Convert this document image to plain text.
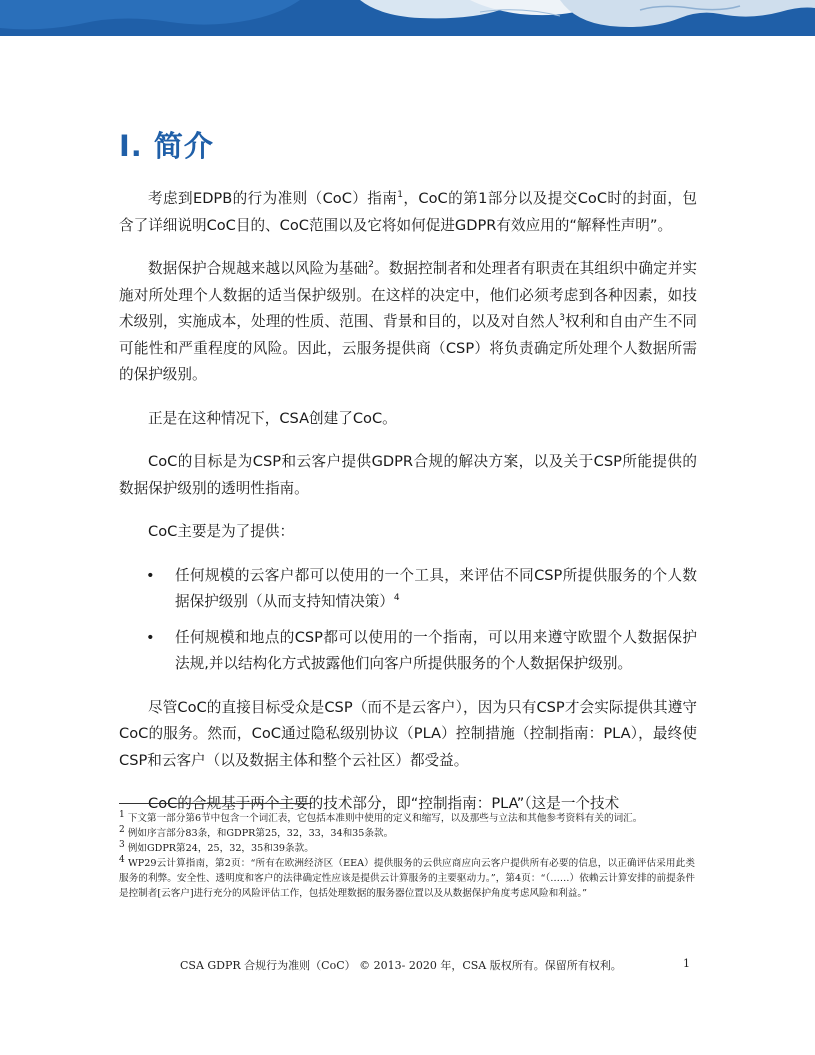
I. 简介

考虑到EDPB的行为准则（CoC）指南$^1$，CoC的第1部分以及提交CoC时的封面，包含了详细说明CoC目的、CoC范围以及它将如何促进GDPR有效应用的“解释性声明”。

数据保护合规越来越以风险为基础$^2$。数据控制者和处理者有职责在其组织中确定并实施对所处理个人数据的适当保护级别。在这样的决定中，他们必须考虑到各种因素，如技术级别，实施成本，处理的性质、范围、背景和目的，以及对自然人$^3$权利和自由产生不同可能性和严重程度的风险。因此，云服务提供商（CSP）将负责确定所处理个人数据所需的保护级别。

正是在这种情况下，CSA创建了CoC。

CoC的目标是为CSP和云客户提供GDPR合规的解决方案，以及关于CSP所能提供的数据保护级别的透明性指南。

CoC主要是为了提供：

• 任何规模的云客户都可以使用的一个工具，来评估不同CSP所提供服务的个人数据保护级别（从而支持知情决策）$^4$
• 任何规模和地点的CSP都可以使用的一个指南，可以用来遵守欧盟个人数据保护法规,并以结构化方式披露他们向客户所提供服务的个人数据保护级别。

尽管CoC的直接目标受众是CSP（而不是云客户），因为只有CSP才会实际提供其遵守CoC的服务。然而，CoC通过隐私级别协议（PLA）控制措施（控制指南：PLA），最终使CSP和云客户（以及数据主体和整个云社区）都受益。

CoC的合规基于两个主要的技术部分，即“控制指南：PLA”（这是一个技术

$^1$ 下文第一部分第6节中包含一个词汇表，它包括本准则中使用的定义和缩写，以及那些与立法和其他参考资料有关的词汇。

$^2$ 例如序言部分83条，和GDPR第25，32，33，34和35条款。

$^3$ 例如GDPR第24，25，32，35和39条款。

$^4$ WP29云计算指南，第2页：“所有在欧洲经济区（EEA）提供服务的云供应商应向云客户提供所有必要的信息，以正确评估采用此类服务的利弊。安全性、透明度和客户的法律确定性应该是提供云计算服务的主要驱动力。”，第4页：“（……）依赖云计算安排的前提条件是控制者[云客户]进行充分的风险评估工作，包括处理数据的服务器位置以及从数据保护角度考虑风险和利益。”

CSA GDPR 合规行为准则（CoC） © 2013- 2020 年，CSA 版权所有。保留所有权利。	1
